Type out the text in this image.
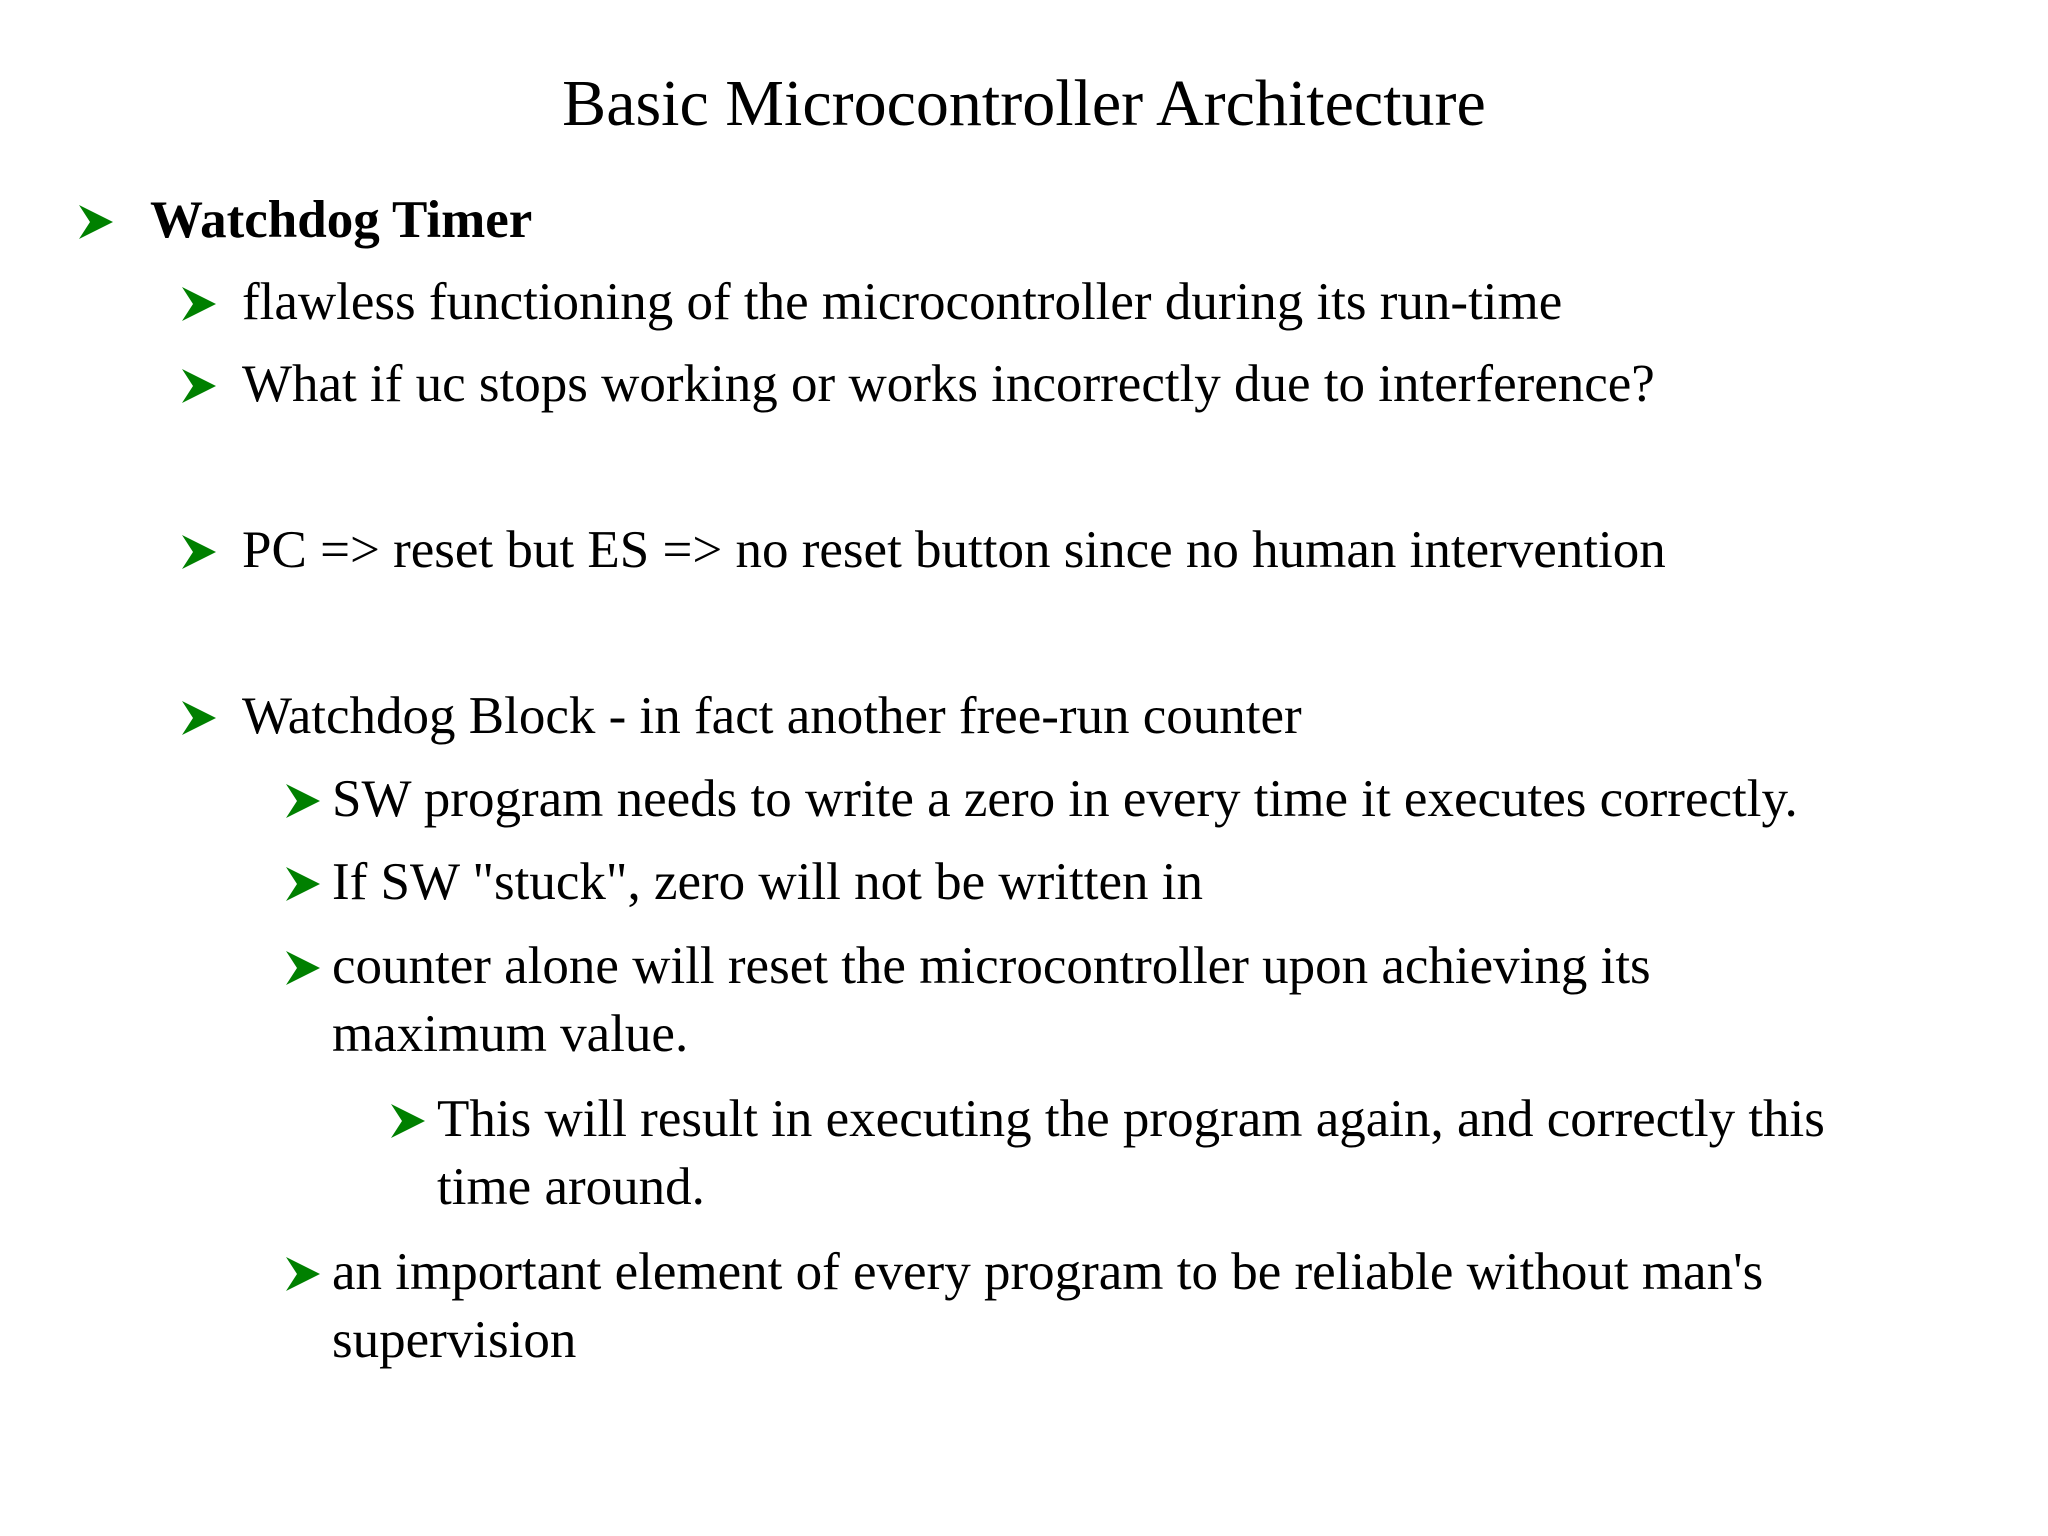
Basic Microcontroller Architecture
Watchdog Timer
flawless functioning of the microcontroller during its run-time
What if uc stops working or works incorrectly due to interference?
PC => reset but ES => no reset button since no human intervention
Watchdog Block - in fact another free-run counter
SW program needs to write a zero in every time it executes correctly.
If SW "stuck", zero will not be written in
counter alone will reset the microcontroller upon achieving its
maximum value.
This will result in executing the program again, and correctly this
time around.
an important element of every program to be reliable without man's
supervision
